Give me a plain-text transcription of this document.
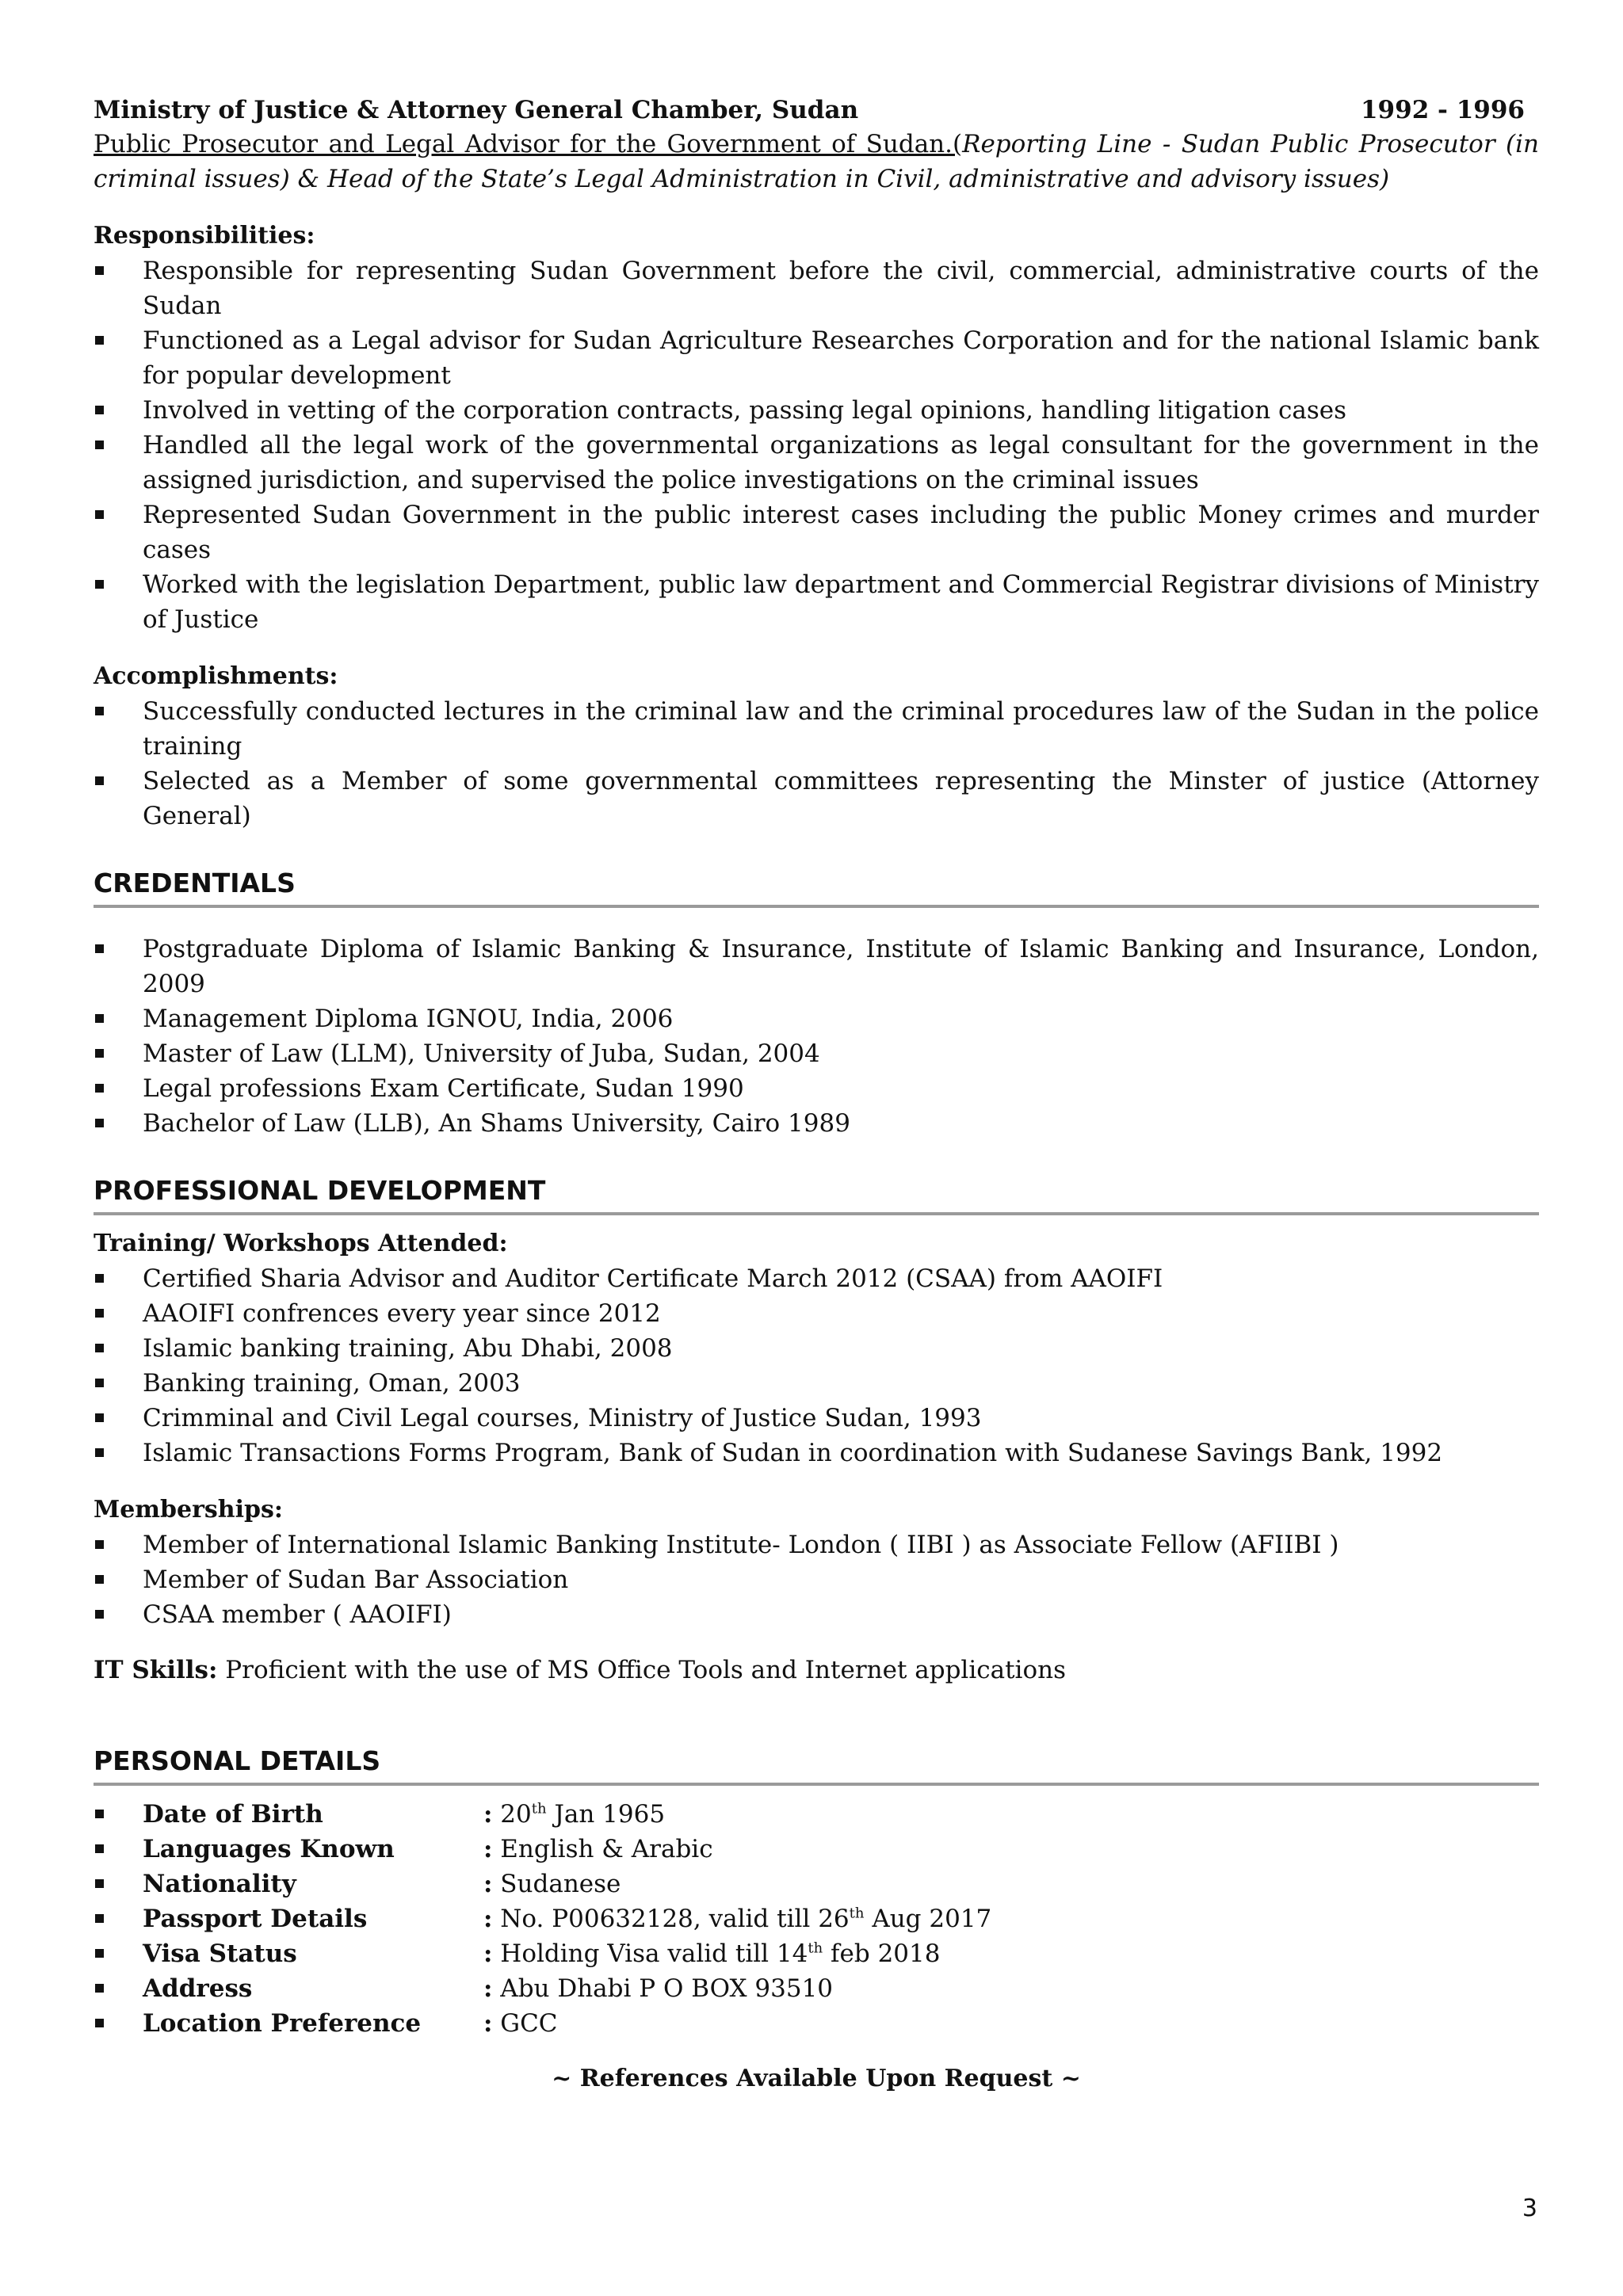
Ministry of Justice & Attorney General Chamber, Sudan	1992 - 1996
Public Prosecutor and Legal Advisor for the Government of Sudan.(Reporting Line - Sudan Public Prosecutor (in criminal issues) & Head of the State’s Legal Administration in Civil, administrative and advisory issues)
Responsibilities:
Responsible for representing Sudan Government before the civil, commercial, administrative courts of the Sudan
Functioned as a Legal advisor for Sudan Agriculture Researches Corporation and for the national Islamic bank for popular development
Involved in vetting of the corporation contracts, passing legal opinions, handling litigation cases
Handled all the legal work of the governmental organizations as legal consultant for the government in the assigned jurisdiction, and supervised the police investigations on the criminal issues
Represented Sudan Government in the public interest cases including the public Money crimes and murder cases
Worked with the legislation Department, public law department and Commercial Registrar divisions of Ministry of Justice
Accomplishments:
Successfully conducted lectures in the criminal law and the criminal procedures law of the Sudan in the police training
Selected as a Member of some governmental committees representing the Minster of justice (Attorney General)
CREDENTIALS
Postgraduate Diploma of Islamic Banking & Insurance, Institute of Islamic Banking and Insurance, London, 2009
Management Diploma IGNOU, India, 2006
Master of Law (LLM), University of Juba, Sudan, 2004
Legal professions Exam Certificate, Sudan 1990
Bachelor of Law (LLB), An Shams University, Cairo 1989
PROFESSIONAL DEVELOPMENT
Training/ Workshops Attended:
Certified Sharia Advisor and Auditor Certificate March 2012 (CSAA) from AAOIFI
AAOIFI confrences every year since 2012
Islamic banking training, Abu Dhabi, 2008
Banking training, Oman, 2003
Crimminal and Civil Legal courses, Ministry of Justice Sudan, 1993
Islamic Transactions Forms Program, Bank of Sudan in coordination with Sudanese Savings Bank, 1992
Memberships:
Member of International Islamic Banking Institute- London ( IIBI ) as Associate Fellow (AFIIBI )
Member of Sudan Bar Association
CSAA member ( AAOIFI)
IT Skills: Proficient with the use of MS Office Tools and Internet applications
PERSONAL DETAILS
Date of Birth	: 20th Jan 1965
Languages Known	: English & Arabic
Nationality	: Sudanese
Passport Details	: No. P00632128, valid till 26th Aug 2017
Visa Status	: Holding Visa valid till 14th feb 2018
Address	: Abu Dhabi P O BOX 93510
Location Preference	: GCC
~ References Available Upon Request ~
3
